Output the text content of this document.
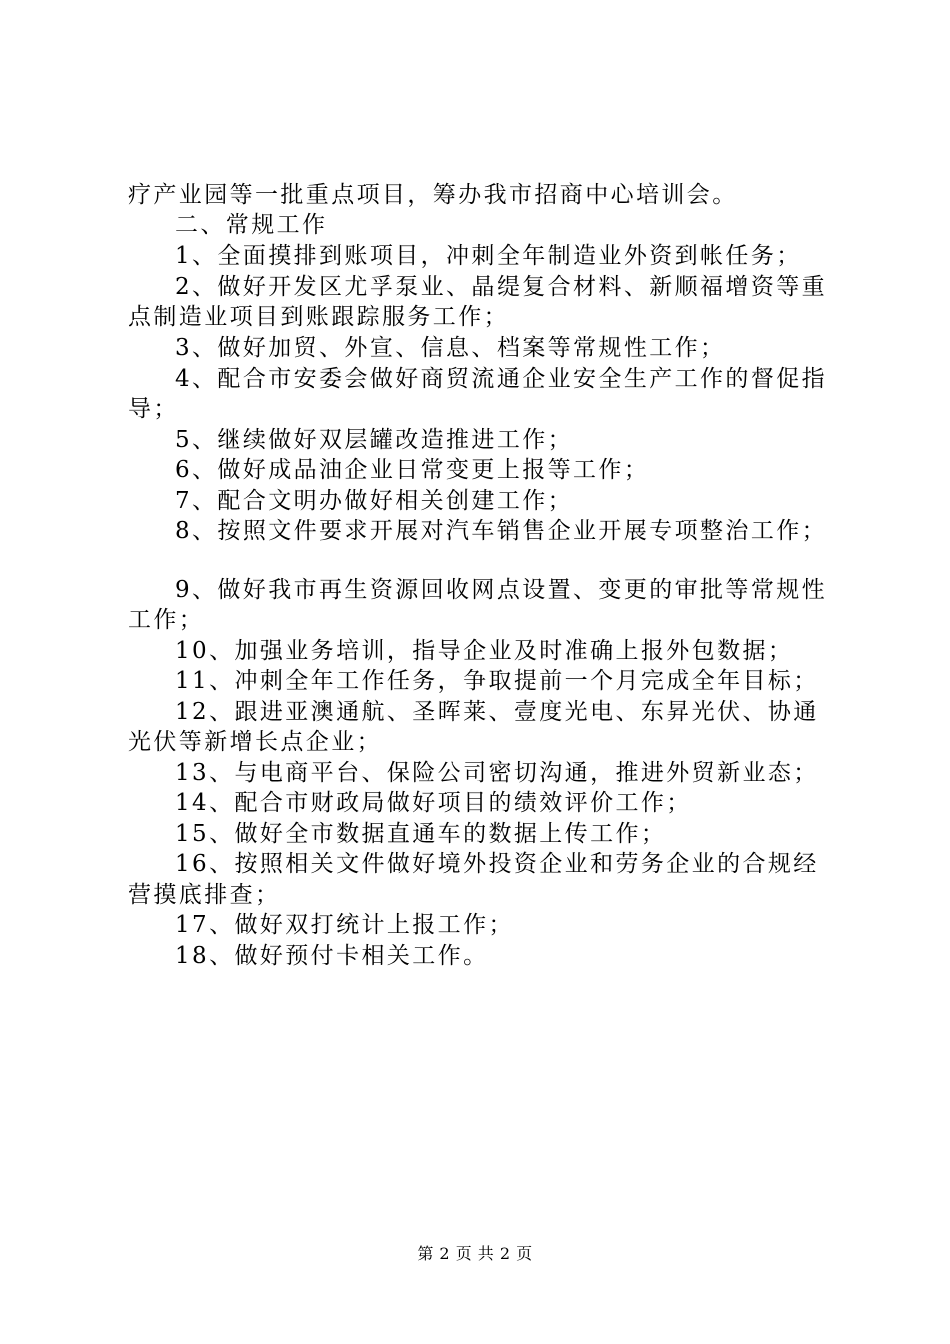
疗产业园等一批重点项目，筹办我市招商中心培训会。
二、常规工作
1、全面摸排到账项目，冲刺全年制造业外资到帐任务；
2、做好开发区尤孚泵业、晶缇复合材料、新顺福增资等重
点制造业项目到账跟踪服务工作；
3、做好加贸、外宣、信息、档案等常规性工作；
4、配合市安委会做好商贸流通企业安全生产工作的督促指
导；
5、继续做好双层罐改造推进工作；
6、做好成品油企业日常变更上报等工作；
7、配合文明办做好相关创建工作；
8、按照文件要求开展对汽车销售企业开展专项整治工作；
9、做好我市再生资源回收网点设置、变更的审批等常规性
工作；
10、加强业务培训，指导企业及时准确上报外包数据；
11、冲刺全年工作任务，争取提前一个月完成全年目标；
12、跟进亚澳通航、圣晖莱、壹度光电、东昇光伏、协通
光伏等新增长点企业；
13、与电商平台、保险公司密切沟通，推进外贸新业态；
14、配合市财政局做好项目的绩效评价工作；
15、做好全市数据直通车的数据上传工作；
16、按照相关文件做好境外投资企业和劳务企业的合规经
营摸底排查；
17、做好双打统计上报工作；
18、做好预付卡相关工作。
第 2 页 共 2 页
